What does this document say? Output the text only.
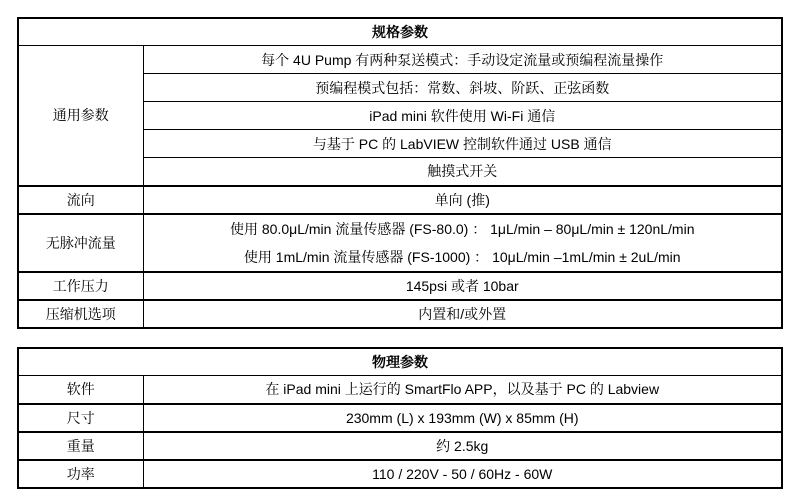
规格参数	
通用参数	每个 4U Pump 有两种泵送模式：手动设定流量或预编程流量操作
	预编程模式包括：常数、斜坡、阶跃、正弦函数
	iPad mini 软件使用 Wi-Fi 通信
	与基于 PC 的 LabVIEW 控制软件通过 USB 通信
	触摸式开关
流向	单向 (推)
无脉冲流量	使用 80.0μL/min 流量传感器 (FS-80.0) ： 1μL/min – 80μL/min ± 120nL/min
使用 1mL/min 流量传感器 (FS-1000) ： 10μL/min –1mL/min ± 2uL/min

工作压力	145psi 或者 10bar
压缩机选项	内置和/或外置
物理参数	
软件	在 iPad mini 上运行的 SmartFlo APP，以及基于 PC 的 Labview
尺寸	230mm (L) x 193mm (W) x 85mm (H)
重量	约 2.5kg
功率	110 / 220V - 50 / 60Hz - 60W
